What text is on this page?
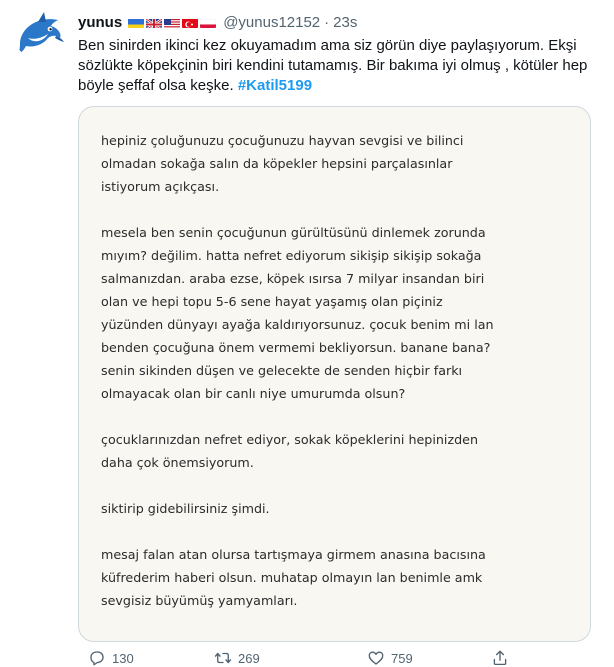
yunus	@yunus12152 · 23s
Ben sinirden ikinci kez okuyamadım ama siz görün diye paylaşıyorum. Ekşi sözlükte köpekçinin biri kendini tutamamış. Bir bakıma iyi olmuş , kötüler hep böyle şeffaf olsa keşke. #Katil5199

hepiniz çoluğunuzu çocuğunuzu hayvan sevgisi ve bilinci olmadan sokağa salın da köpekler hepsini parçalasınlar istiyorum açıkçası.

mesela ben senin çocuğunun gürültüsünü dinlemek zorunda mıyım? değilim. hatta nefret ediyorum sikişip sikişip sokağa salmanızdan. araba ezse, köpek ısırsa 7 milyar insandan biri olan ve hepi topu 5-6 sene hayat yaşamış olan piçiniz yüzünden dünyayı ayağa kaldırıyorsunuz. çocuk benim mi lan benden çocuğuna önem vermemi bekliyorsun. banane bana? senin sikinden düşen ve gelecekte de senden hiçbir farkı olmayacak olan bir canlı niye umurumda olsun?

çocuklarınızdan nefret ediyor, sokak köpeklerini hepinizden daha çok önemsiyorum.

siktirip gidebilirsiniz şimdi.

mesaj falan atan olursa tartışmaya girmem anasına bacısına küfrederim haberi olsun. muhatap olmayın lan benimle amk sevgisiz büyümüş yamyamları.

130	269	759
